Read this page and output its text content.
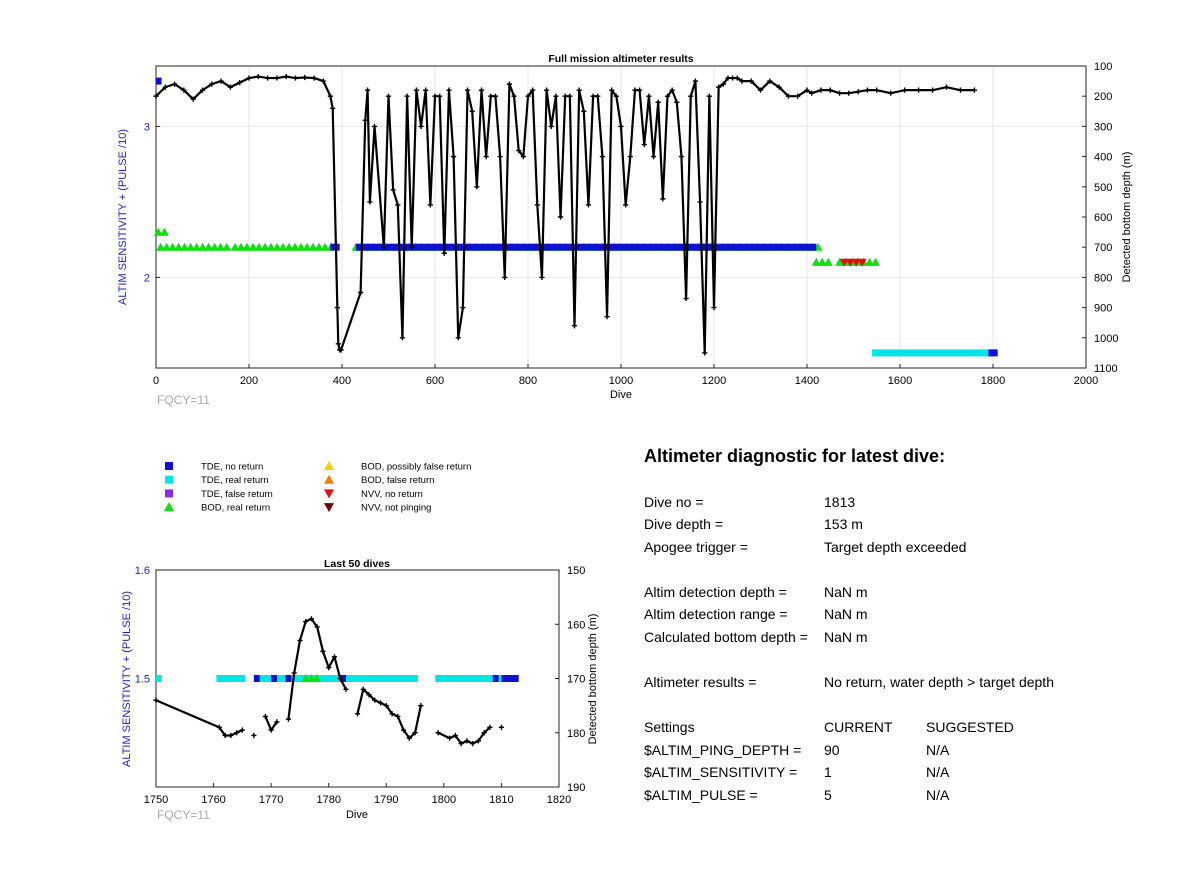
Full mission altimeter results
Dive
FQCY=11
ALTIM SENSITIVITY + (PULSE /10)	Detected bottom depth (m)
0	200	400	600	800	1000	1200	1400	1600	1800	2000
2
3
100
200
300
400
500
600
700
800
900
1000
1100
TDE, no return
TDE, real return
TDE, false return
BOD, real return
BOD, possibly false return
BOD, false return
NVV, no return
NVV, not pinging
Last 50 dives
Dive
FQCY=11
ALTIM SENSITIVITY + (PULSE /10)	Detected bottom depth (m)
1750	1760	1770	1780	1790	1800	1810	1820
1.5
1.6	150
160
170
180
190
Altimeter diagnostic for latest dive:
Dive no =	1813
Dive depth =	153 m
Apogee trigger =	Target depth exceeded
Altim detection depth =	NaN m
Altim detection range =	NaN m
Calculated bottom depth = NaN m
Altimeter results =	No return, water depth > target depth
Settings	CURRENT SUGGESTED
$ALTIM_PING_DEPTH = 90	N/A
$ALTIM_SENSITIVITY = 1	N/A
$ALTIM_PULSE =	5	N/A
